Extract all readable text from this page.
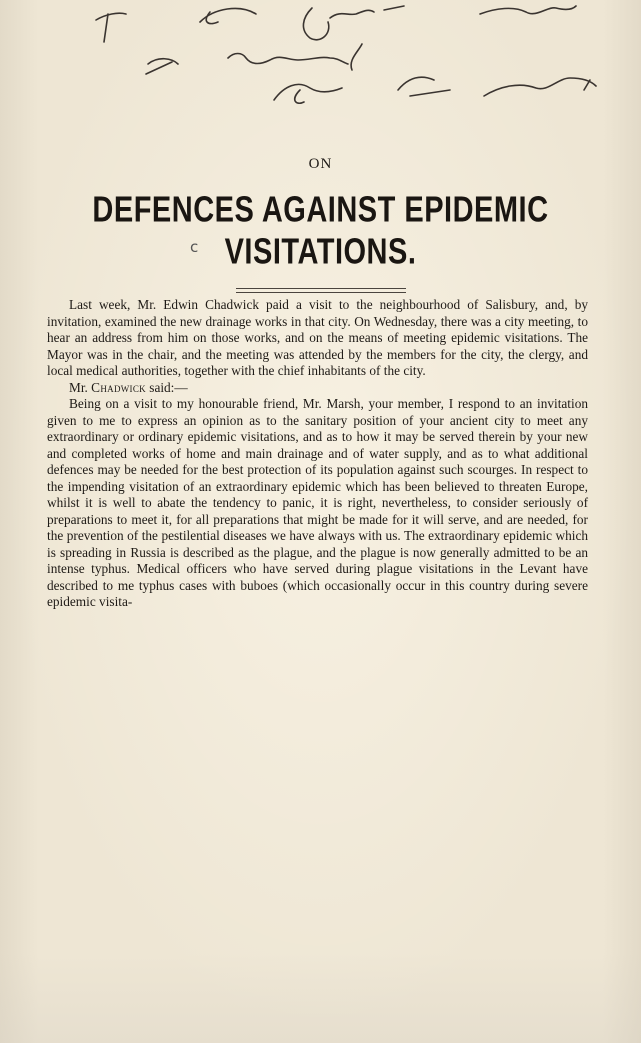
ON
DEFENCES AGAINST EPIDEMIC
c VISITATIONS.

Last week, Mr. Edwin Chadwick paid a visit to the neighbourhood of Salisbury, and, by invitation, examined the new drainage works in that city. On Wednesday, there was a city meeting, to hear an address from him on those works, and on the means of meeting epidemic visitations. The Mayor was in the chair, and the meeting was attended by the members for the city, the clergy, and local medical authorities, together with the chief inhabitants of the city.

Mr. Chadwick said:—

Being on a visit to my honourable friend, Mr. Marsh, your member, I respond to an invitation given to me to express an opinion as to the sanitary position of your ancient city to meet any extraordinary or ordinary epidemic visitations, and as to how it may be served therein by your new and completed works of home and main drainage and of water supply, and as to what additional defences may be needed for the best protection of its population against such scourges. In respect to the impending visitation of an extraordinary epidemic which has been believed to threaten Europe, whilst it is well to abate the tendency to panic, it is right, nevertheless, to consider seriously of preparations to meet it, for all preparations that might be made for it will serve, and are needed, for the prevention of the pestilential diseases we have always with us. The extraordinary epidemic which is spreading in Russia is described as the plague, and the plague is now generally admitted to be an intense typhus. Medical officers who have served during plague visitations in the Levant have described to me typhus cases with buboes (which occasionally occur in this country during severe epidemic visita-
